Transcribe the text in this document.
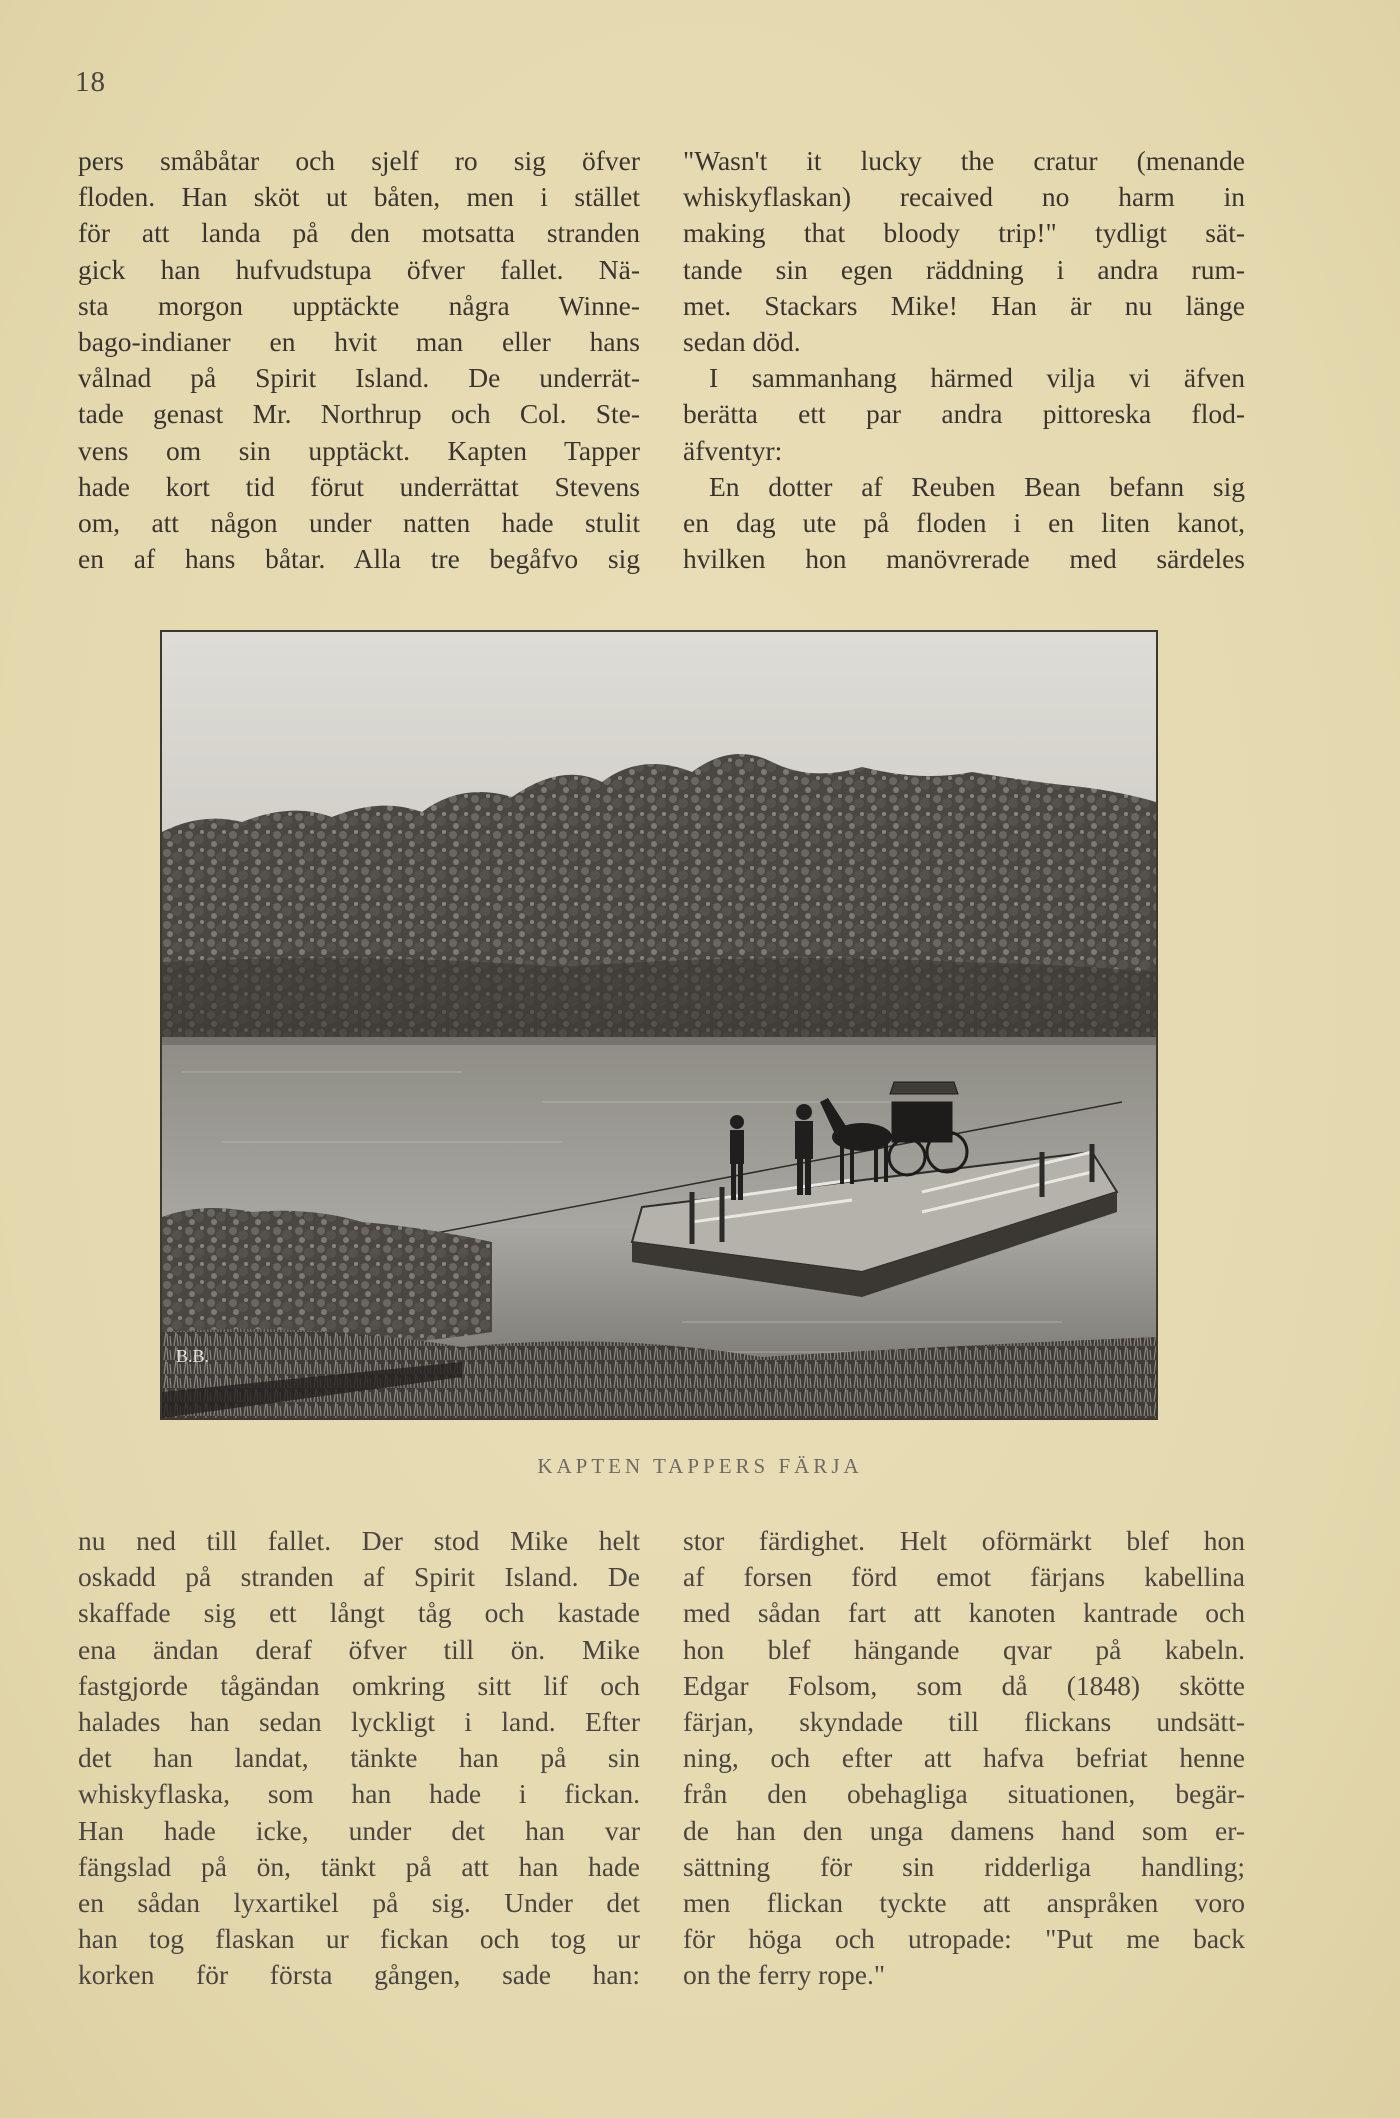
18
pers småbåtar och sjelf ro sig öfver
floden. Han sköt ut båten, men i stället
för att landa på den motsatta stranden
gick han hufvudstupa öfver fallet. Nä-
sta morgon upptäckte några Winne-
bago-indianer en hvit man eller hans
vålnad på Spirit Island. De underrät-
tade genast Mr. Northrup och Col. Ste-
vens om sin upptäckt. Kapten Tapper
hade kort tid förut underrättat Stevens
om, att någon under natten hade stulit
en af hans båtar. Alla tre begåfvo sig
"Wasn't it lucky the cratur (menande
whiskyflaskan) recaived no harm in
making that bloody trip!" tydligt sät-
tande sin egen räddning i andra rum-
met. Stackars Mike! Han är nu länge
sedan död.
I sammanhang härmed vilja vi äfven
berätta ett par andra pittoreska flod-
äfventyr:
En dotter af Reuben Bean befann sig
en dag ute på floden i en liten kanot,
hvilken hon manövrerade med särdeles
B.B.
KAPTEN TAPPERS FÄRJA
nu ned till fallet. Der stod Mike helt
oskadd på stranden af Spirit Island. De
skaffade sig ett långt tåg och kastade
ena ändan deraf öfver till ön. Mike
fastgjorde tågändan omkring sitt lif och
halades han sedan lyckligt i land. Efter
det han landat, tänkte han på sin
whiskyflaska, som han hade i fickan.
Han hade icke, under det han var
fängslad på ön, tänkt på att han hade
en sådan lyxartikel på sig. Under det
han tog flaskan ur fickan och tog ur
korken för första gången, sade han:
stor färdighet. Helt oförmärkt blef hon
af forsen förd emot färjans kabellina
med sådan fart att kanoten kantrade och
hon blef hängande qvar på kabeln.
Edgar Folsom, som då (1848) skötte
färjan, skyndade till flickans undsätt-
ning, och efter att hafva befriat henne
från den obehagliga situationen, begär-
de han den unga damens hand som er-
sättning för sin ridderliga handling;
men flickan tyckte att anspråken voro
för höga och utropade: "Put me back
on the ferry rope."
